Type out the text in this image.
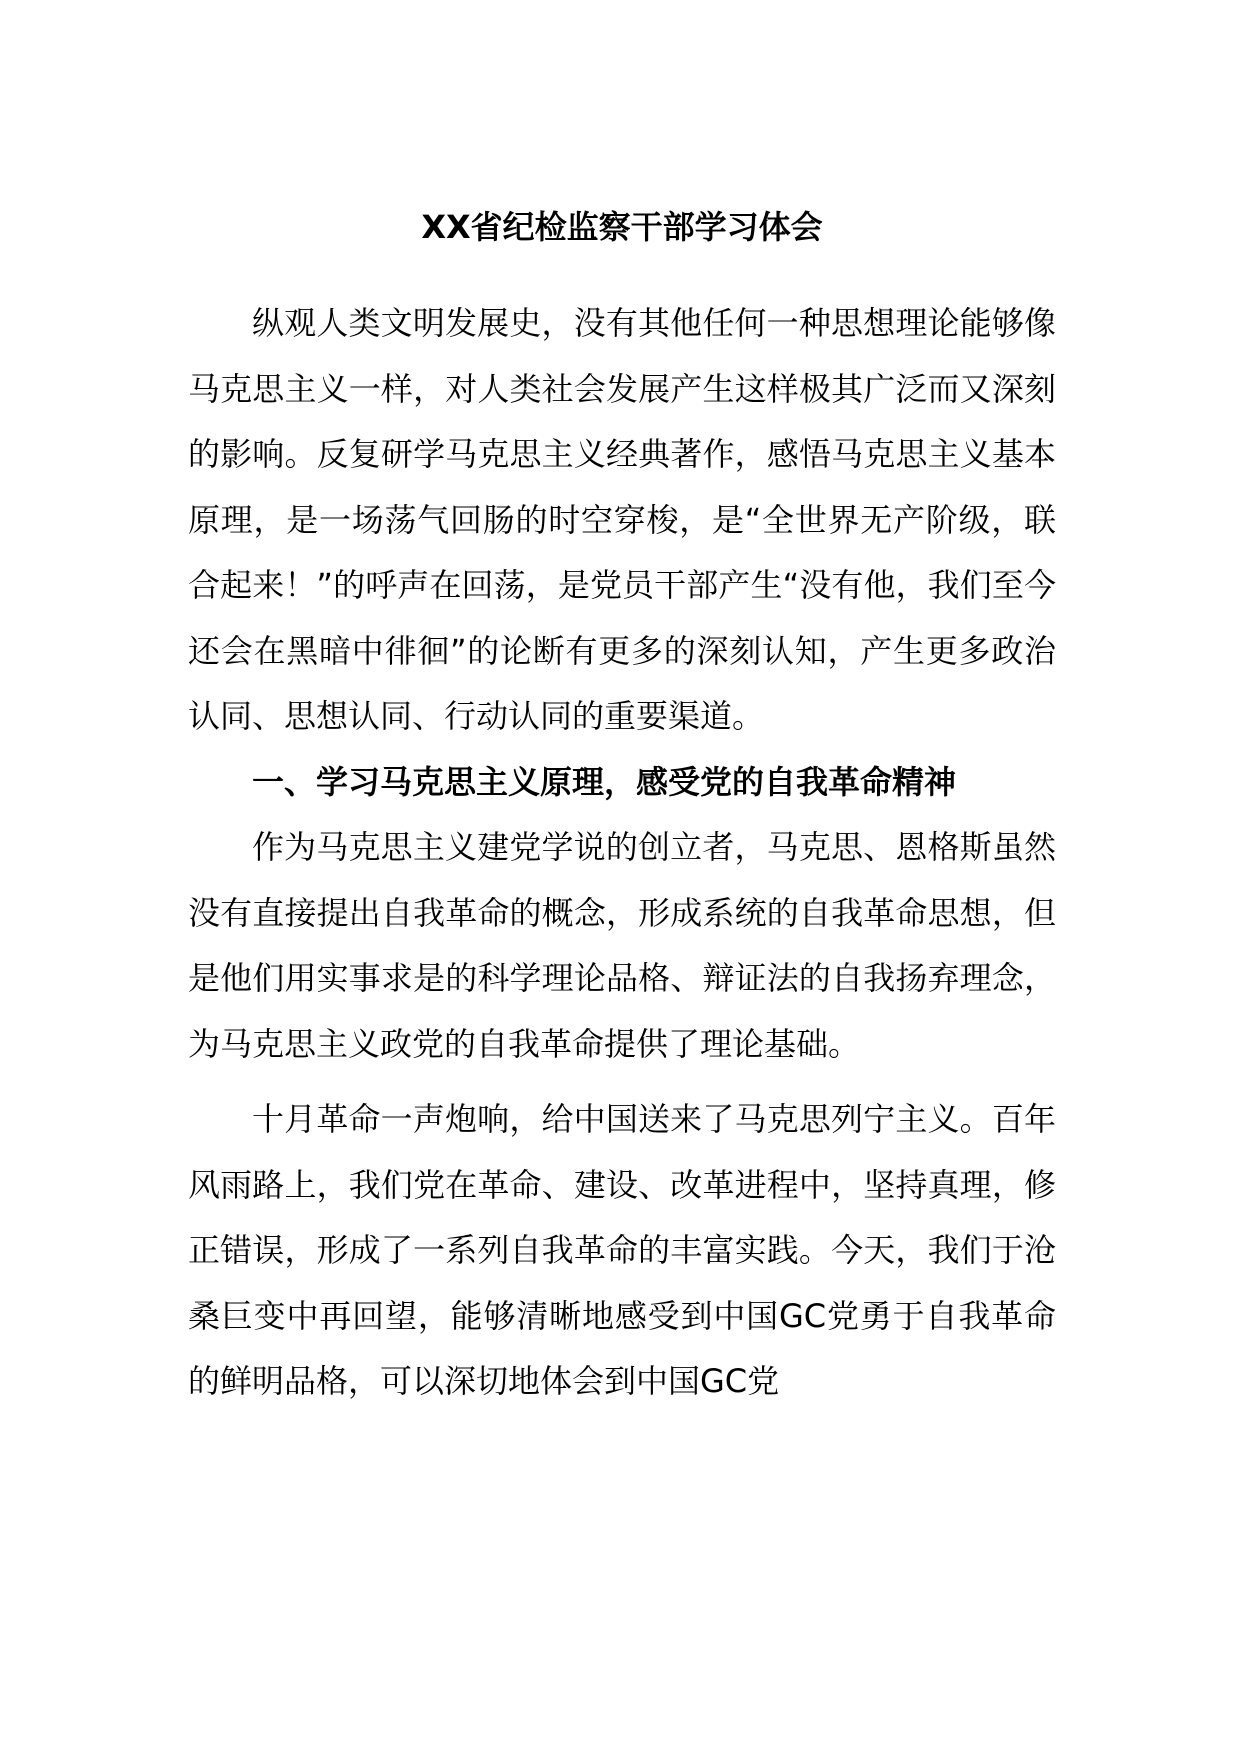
XX省纪检监察干部学习体会

纵观人类文明发展史，没有其他任何一种思想理论能够像马克思主义一样，对人类社会发展产生这样极其广泛而又深刻的影响。反复研学马克思主义经典著作，感悟马克思主义基本原理，是一场荡气回肠的时空穿梭，是“全世界无产阶级，联合起来！”的呼声在回荡，是党员干部产生“没有他，我们至今还会在黑暗中徘徊”的论断有更多的深刻认知，产生更多政治认同、思想认同、行动认同的重要渠道。

一、学习马克思主义原理，感受党的自我革命精神

作为马克思主义建党学说的创立者，马克思、恩格斯虽然没有直接提出自我革命的概念，形成系统的自我革命思想，但是他们用实事求是的科学理论品格、辩证法的自我扬弃理念，为马克思主义政党的自我革命提供了理论基础。

十月革命一声炮响，给中国送来了马克思列宁主义。百年风雨路上，我们党在革命、建设、改革进程中，坚持真理，修正错误，形成了一系列自我革命的丰富实践。今天，我们于沧桑巨变中再回望，能够清晰地感受到中国GC党勇于自我革命的鲜明品格，可以深切地体会到中国GC党
